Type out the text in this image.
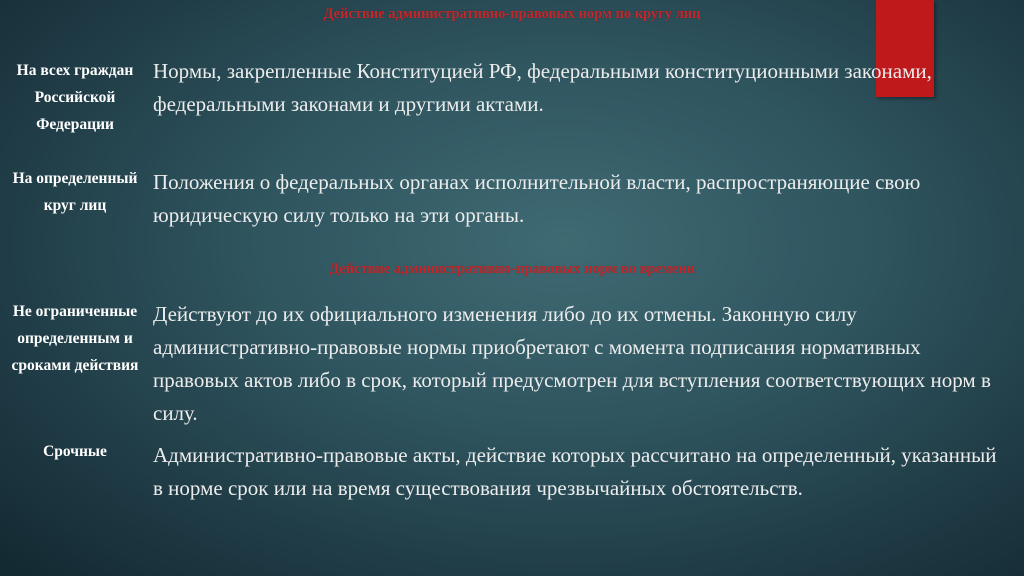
Действие административно-правовых норм по кругу лиц
На всех граждан Российской Федерации
Нормы, закрепленные Конституцией РФ, федеральными конституционными законами, федеральными законами и другими актами.
На определенный круг лиц
Положения о федеральных органах исполнительной власти, распространяющие свою юридическую силу только на эти органы.
Действие административно-правовых норм во времени
Не ограниченные определенным и сроками действия
Действуют до их официального изменения либо до их отмены. Законную силу административно-правовые нормы приобретают с момента подписания нормативных правовых актов либо в срок, который предусмотрен для вступления соответствующих норм в силу.
Срочные	Административно-правовые акты, действие которых рассчитано на определенный, указанный в норме срок или на время существования чрезвычайных обстоятельств.
